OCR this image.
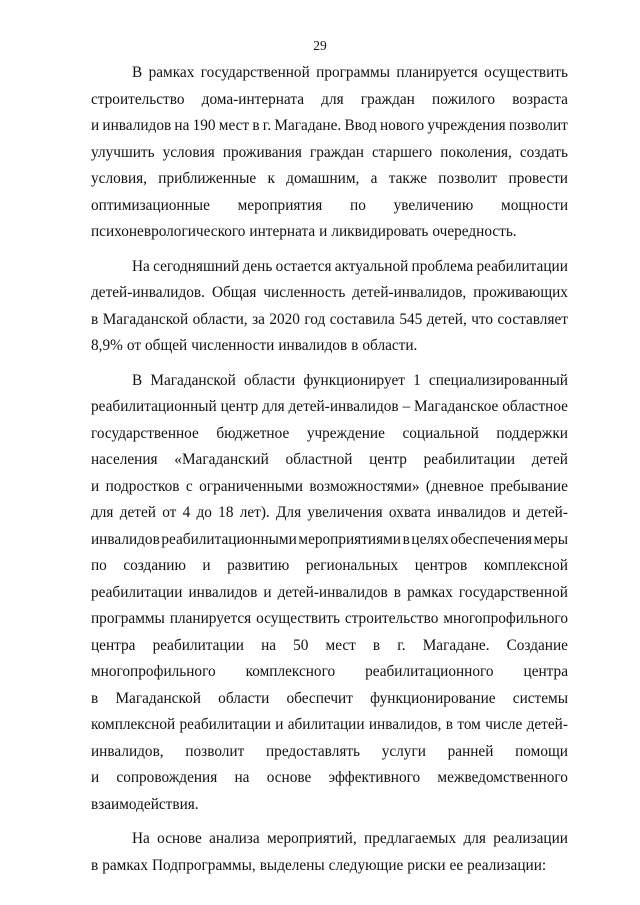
29
В рамках государственной программы планируется осуществить
строительство дома-интерната для граждан пожилого возраста
и инвалидов на 190 мест в г. Магадане. Ввод нового учреждения позволит
улучшить условия проживания граждан старшего поколения, создать
условия, приближенные к домашним, а также позволит провести
оптимизационные мероприятия по увеличению мощности
психоневрологического интерната и ликвидировать очередность.
На сегодняшний день остается актуальной проблема реабилитации
детей-инвалидов. Общая численность детей-инвалидов, проживающих
в Магаданской области, за 2020 год составила 545 детей, что составляет
8,9% от общей численности инвалидов в области.
В Магаданской области функционирует 1 специализированный
реабилитационный центр для детей-инвалидов – Магаданское областное
государственное бюджетное учреждение социальной поддержки
населения «Магаданский областной центр реабилитации детей
и подростков с ограниченными возможностями» (дневное пребывание
для детей от 4 до 18 лет). Для увеличения охвата инвалидов и детей-
инвалидов реабилитационными мероприятиями в целях обеспечения меры
по созданию и развитию региональных центров комплексной
реабилитации инвалидов и детей-инвалидов в рамках государственной
программы планируется осуществить строительство многопрофильного
центра реабилитации на 50 мест в г. Магадане. Создание
многопрофильного комплексного реабилитационного центра
в Магаданской области обеспечит функционирование системы
комплексной реабилитации и абилитации инвалидов, в том числе детей-
инвалидов, позволит предоставлять услуги ранней помощи
и сопровождения на основе эффективного межведомственного
взаимодействия.
На основе анализа мероприятий, предлагаемых для реализации
в рамках Подпрограммы, выделены следующие риски ее реализации:
